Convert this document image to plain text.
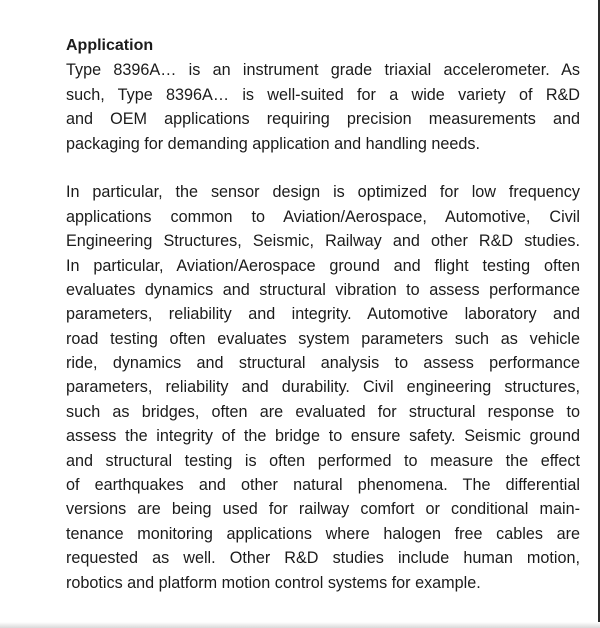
Application
Type 8396A… is an instrument grade triaxial accelerometer. As
such, Type 8396A… is well-suited for a wide variety of R&D
and OEM applications requiring precision measurements and
packaging for demanding application and handling needs.
In particular, the sensor design is optimized for low frequency
applications common to Aviation/Aerospace, Automotive, Civil
Engineering Structures, Seismic, Railway and other R&D studies.
In particular, Aviation/Aerospace ground and flight testing often
evaluates dynamics and structural vibration to assess performance
parameters, reliability and integrity. Automotive laboratory and
road testing often evaluates system parameters such as vehicle
ride, dynamics and structural analysis to assess performance
parameters, reliability and durability. Civil engineering structures,
such as bridges, often are evaluated for structural response to
assess the integrity of the bridge to ensure safety. Seismic ground
and structural testing is often performed to measure the effect
of earthquakes and other natural phenomena. The differential
versions are being used for railway comfort or conditional main-
tenance monitoring applications where halogen free cables are
requested as well. Other R&D studies include human motion,
robotics and platform motion control systems for example.
